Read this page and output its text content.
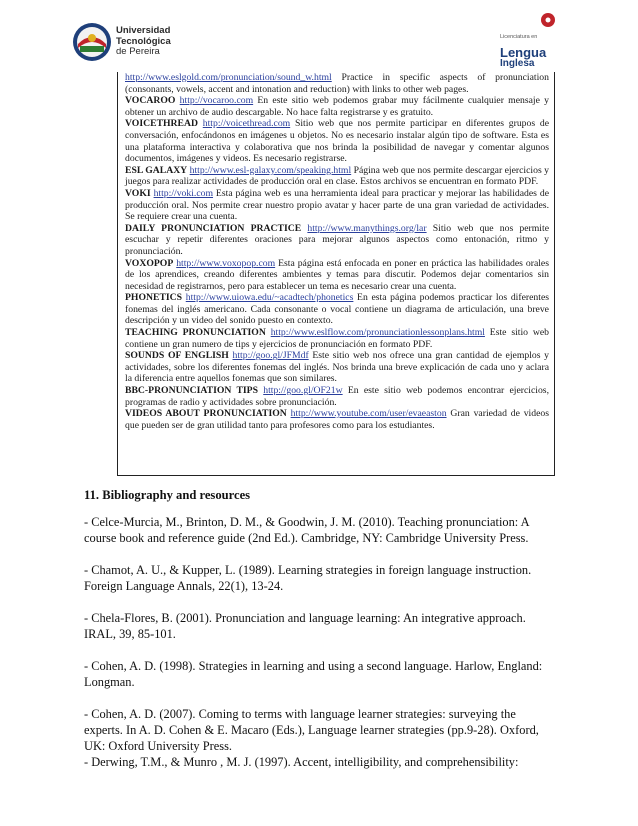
Universidad
Tecnológica
de Pereira
Licenciatura en
Lengua
Inglesa

http://www.eslgold.com/pronunciation/sound_w.html Practice in specific aspects of pronunciation (consonants, vowels, accent and intonation and reduction) with links to other web pages.

VOCAROO http://vocaroo.com En este sitio web podemos grabar muy fácilmente cualquier mensaje y obtener un archivo de audio descargable. No hace falta registrarse y es gratuito.

VOICETHREAD http://voicethread.com Sitio web que nos permite participar en diferentes grupos de conversación, enfocándonos en imágenes u objetos. No es necesario instalar algún tipo de software. Esta es una plataforma interactiva y colaborativa que nos brinda la posibilidad de navegar y comentar algunos documentos, imágenes y videos. Es necesario registrarse.

ESL GALAXY http://www.esl-galaxy.com/speaking.html Página web que nos permite descargar ejercicios y juegos para realizar actividades de producción oral en clase. Estos archivos se encuentran en formato PDF.

VOKI http://voki.com Esta página web es una herramienta ideal para practicar y mejorar las habilidades de producción oral. Nos permite crear nuestro propio avatar y hacer parte de una gran variedad de actividades. Se requiere crear una cuenta.

DAILY PRONUNCIATION PRACTICE http://www.manythings.org/lar Sitio web que nos permite escuchar y repetir diferentes oraciones para mejorar algunos aspectos como entonación, ritmo y pronunciación.

VOXOPOP http://www.voxopop.com Esta página está enfocada en poner en práctica las habilidades orales de los aprendices, creando diferentes ambientes y temas para discutir. Podemos dejar comentarios sin necesidad de registrarnos, pero para establecer un tema es necesario crear una cuenta.

PHONETICS http://www.uiowa.edu/~acadtech/phonetics En esta página podemos practicar los diferentes fonemas del inglés americano. Cada consonante o vocal contiene un diagrama de articulación, una breve descripción y un video del sonido puesto en contexto.

TEACHING PRONUNCIATION http://www.eslflow.com/pronunciationlessonplans.html Este sitio web contiene un gran numero de tips y ejercicios de pronunciación en formato PDF.

SOUNDS OF ENGLISH http://goo.gl/JFMdf Este sitio web nos ofrece una gran cantidad de ejemplos y actividades, sobre los diferentes fonemas del inglés. Nos brinda una breve explicación de cada uno y aclara la diferencia entre aquellos fonemas que son similares.

BBC-PRONUNCIATION TIPS http://goo.gl/OF21w En este sitio web podemos encontrar ejercicios, programas de radio y actividades sobre pronunciación.

VIDEOS ABOUT PRONUNCIATION http://www.youtube.com/user/evaeaston Gran variedad de videos que pueden ser de gran utilidad tanto para profesores como para los estudiantes.

11. Bibliography and resources

- Celce-Murcia, M., Brinton, D. M., & Goodwin, J. M. (2010). Teaching pronunciation: A course book and reference guide (2nd Ed.). Cambridge, NY: Cambridge University Press.

- Chamot, A. U., & Kupper, L. (1989). Learning strategies in foreign language instruction. Foreign Language Annals, 22(1), 13-24.

- Chela-Flores, B. (2001). Pronunciation and language learning: An integrative approach. IRAL, 39, 85-101.

- Cohen, A. D. (1998). Strategies in learning and using a second language. Harlow, England: Longman.

- Cohen, A. D. (2007). Coming to terms with language learner strategies: surveying the experts. In A. D. Cohen & E. Macaro (Eds.), Language learner strategies (pp.9-28). Oxford, UK: Oxford University Press.

- Derwing, T.M., & Munro , M. J. (1997). Accent, intelligibility, and comprehensibility:
